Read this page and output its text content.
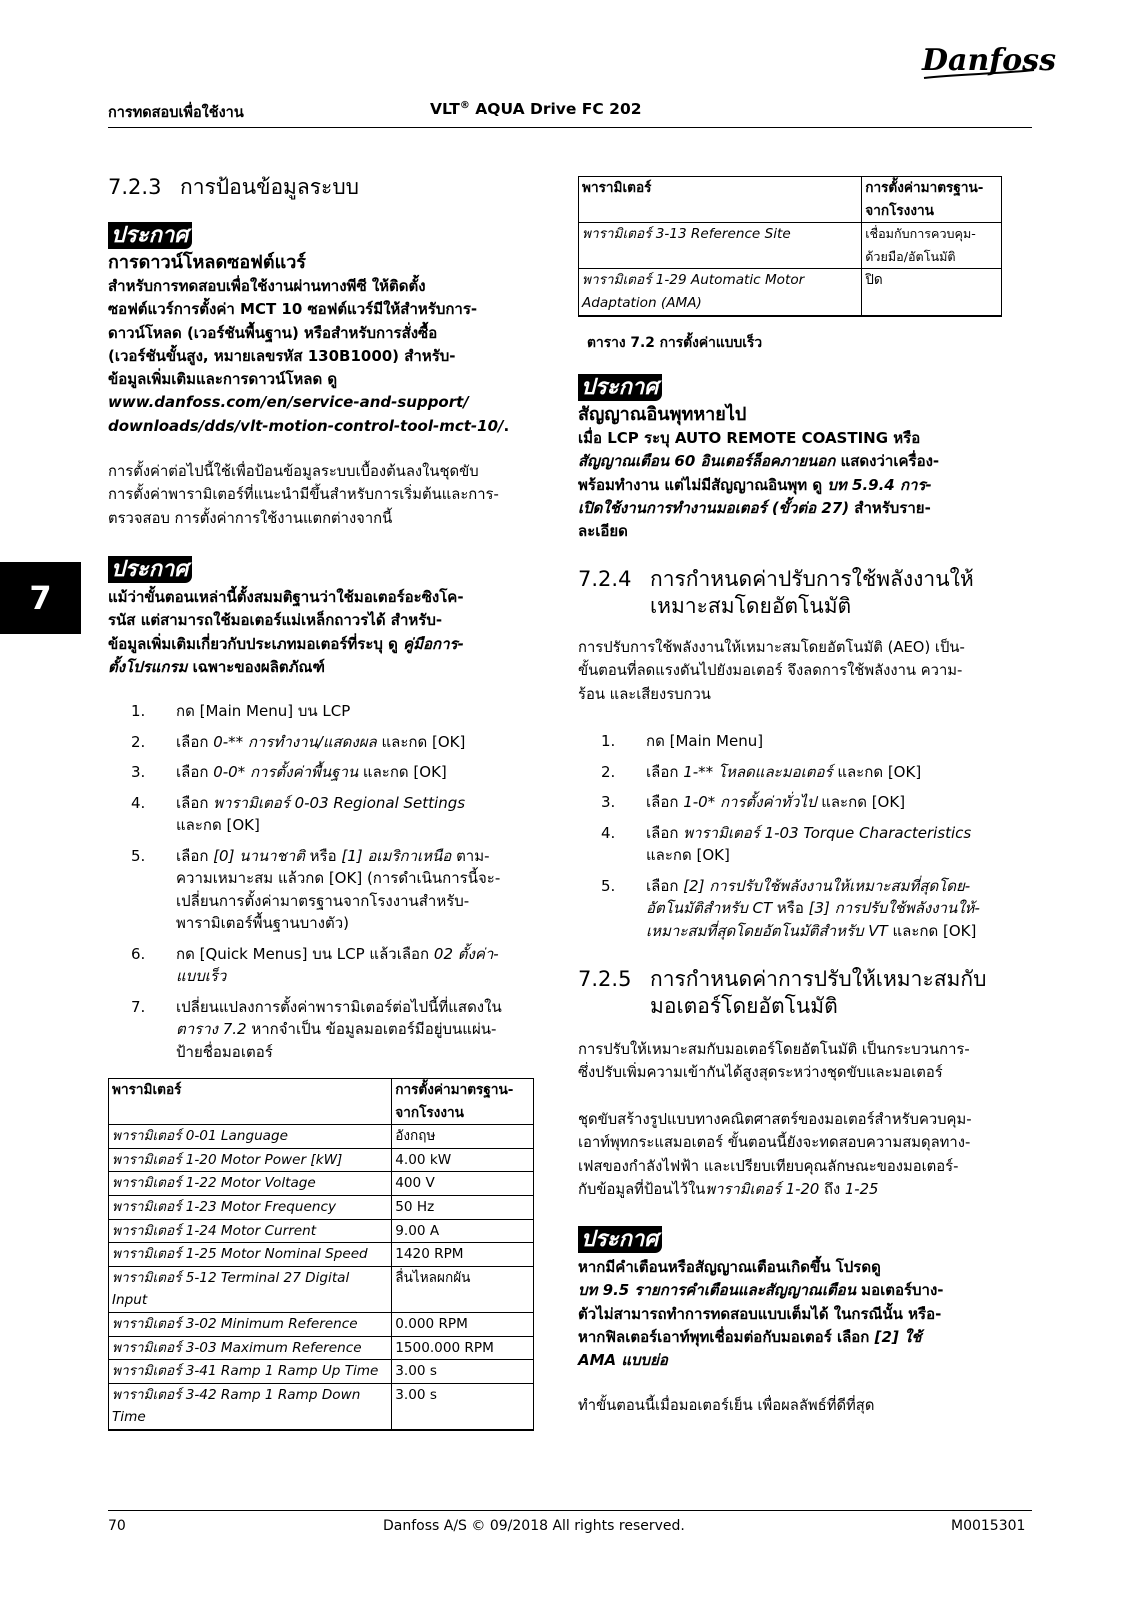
Danfoss
การทดสอบเพื่อใช้งาน	VLT® AQUA Drive FC 202
7
7.2.3 การป้อนข้อมูลระบบ
ประกาศ
การดาวน์โหลดซอฟต์แวร์
สำหรับการทดสอบเพื่อใช้งานผ่านทางพีซี ให้ติดตั้ง
ซอฟต์แวร์การตั้งค่า MCT 10 ซอฟต์แวร์มีให้สำหรับการ-
ดาวน์โหลด (เวอร์ชันพื้นฐาน) หรือสำหรับการสั่งซื้อ
(เวอร์ชันขั้นสูง, หมายเลขรหัส 130B1000) สำหรับ-
ข้อมูลเพิ่มเติมและการดาวน์โหลด ดู
www.danfoss.com/en/service-and-support/
downloads/dds/vlt-motion-control-tool-mct-10/.

การตั้งค่าต่อไปนี้ใช้เพื่อป้อนข้อมูลระบบเบื้องต้นลงในชุดขับ

การตั้งค่าพารามิเตอร์ที่แนะนำมีขึ้นสำหรับการเริ่มต้นและการ-

ตรวจสอบ การตั้งค่าการใช้งานแตกต่างจากนี้

ประกาศ
แม้ว่าขั้นตอนเหล่านี้ตั้งสมมติฐานว่าใช้มอเตอร์อะซิงโค-
รนัส แต่สามารถใช้มอเตอร์แม่เหล็กถาวรได้ สำหรับ-
ข้อมูลเพิ่มเติมเกี่ยวกับประเภทมอเตอร์ที่ระบุ ดู คู่มือการ-
ตั้งโปรแกรม เฉพาะของผลิตภัณฑ์
1. กด [Main Menu] บน LCP
2. เลือก 0-** การทำงาน/แสดงผล และกด [OK]
3. เลือก 0-0* การตั้งค่าพื้นฐาน และกด [OK]
4. เลือก พารามิเตอร์ 0-03 Regional Settings
และกด [OK]
5. เลือก [0] นานาชาติ หรือ [1] อเมริกาเหนือ ตาม-
ความเหมาะสม แล้วกด [OK] (การดำเนินการนี้จะ-
เปลี่ยนการตั้งค่ามาตรฐานจากโรงงานสำหรับ-
พารามิเตอร์พื้นฐานบางตัว)
6. กด [Quick Menus] บน LCP แล้วเลือก 02 ตั้งค่า-
แบบเร็ว
7. เปลี่ยนแปลงการตั้งค่าพารามิเตอร์ต่อไปนี้ที่แสดงใน
ตาราง 7.2 หากจำเป็น ข้อมูลมอเตอร์มีอยู่บนแผ่น-
ป้ายชื่อมอเตอร์
พารามิเตอร์	การตั้งค่ามาตรฐาน-
จากโรงงาน
พารามิเตอร์ 0-01 Language	อังกฤษ
พารามิเตอร์ 1-20 Motor Power [kW]	4.00 kW
พารามิเตอร์ 1-22 Motor Voltage	400 V
พารามิเตอร์ 1-23 Motor Frequency	50 Hz
พารามิเตอร์ 1-24 Motor Current	9.00 A
พารามิเตอร์ 1-25 Motor Nominal Speed	1420 RPM
พารามิเตอร์ 5-12 Terminal 27 Digital
Input	ลื่นไหลผกผัน
พารามิเตอร์ 3-02 Minimum Reference	0.000 RPM
พารามิเตอร์ 3-03 Maximum Reference	1500.000 RPM
พารามิเตอร์ 3-41 Ramp 1 Ramp Up Time	3.00 s
พารามิเตอร์ 3-42 Ramp 1 Ramp Down
Time	3.00 s

พารามิเตอร์	การตั้งค่ามาตรฐาน-
จากโรงงาน
พารามิเตอร์ 3-13 Reference Site	เชื่อมกับการควบคุม-
ด้วยมือ/อัตโนมัติ
พารามิเตอร์ 1-29 Automatic Motor
Adaptation (AMA)	ปิด

ตาราง 7.2 การตั้งค่าแบบเร็ว
ประกาศ
สัญญาณอินพุทหายไป
เมื่อ LCP ระบุ AUTO REMOTE COASTING หรือ
สัญญาณเตือน 60 อินเตอร์ล็อคภายนอก แสดงว่าเครื่อง-
พร้อมทำงาน แต่ไม่มีสัญญาณอินพุท ดู บท 5.9.4 การ-
เปิดใช้งานการทำงานมอเตอร์ (ขั้วต่อ 27) สำหรับราย-
ละเอียด
7.2.4 การกำหนดค่าปรับการใช้พลังงานให้
เหมาะสมโดยอัตโนมัติ

การปรับการใช้พลังงานให้เหมาะสมโดยอัตโนมัติ (AEO) เป็น-

ขั้นตอนที่ลดแรงดันไปยังมอเตอร์ จึงลดการใช้พลังงาน ความ-

ร้อน และเสียงรบกวน

1. กด [Main Menu]
2. เลือก 1-** โหลดและมอเตอร์ และกด [OK]
3. เลือก 1-0* การตั้งค่าทั่วไป และกด [OK]
4. เลือก พารามิเตอร์ 1-03 Torque Characteristics
และกด [OK]
5. เลือก [2] การปรับใช้พลังงานให้เหมาะสมที่สุดโดย-
อัตโนมัติสำหรับ CT หรือ [3] การปรับใช้พลังงานให้-
เหมาะสมที่สุดโดยอัตโนมัติสำหรับ VT และกด [OK]
7.2.5 การกำหนดค่าการปรับให้เหมาะสมกับ
มอเตอร์โดยอัตโนมัติ

การปรับให้เหมาะสมกับมอเตอร์โดยอัตโนมัติ เป็นกระบวนการ-

ซึ่งปรับเพิ่มความเข้ากันได้สูงสุดระหว่างชุดขับและมอเตอร์

ชุดขับสร้างรูปแบบทางคณิตศาสตร์ของมอเตอร์สำหรับควบคุม-

เอาท์พุทกระแสมอเตอร์ ขั้นตอนนี้ยังจะทดสอบความสมดุลทาง-

เฟสของกำลังไฟฟ้า และเปรียบเทียบคุณลักษณะของมอเตอร์-

กับข้อมูลที่ป้อนไว้ในพารามิเตอร์ 1-20 ถึง 1-25

ประกาศ
หากมีคำเตือนหรือสัญญาณเตือนเกิดขึ้น โปรดดู
บท 9.5 รายการคำเตือนและสัญญาณเตือน มอเตอร์บาง-
ตัวไม่สามารถทำการทดสอบแบบเต็มได้ ในกรณีนั้น หรือ-
หากฟิลเตอร์เอาท์พุทเชื่อมต่อกับมอเตอร์ เลือก [2] ใช้
AMA แบบย่อ

ทำขั้นตอนนี้เมื่อมอเตอร์เย็น เพื่อผลลัพธ์ที่ดีที่สุด

70	Danfoss A/S © 09/2018 All rights reserved.	M0015301
